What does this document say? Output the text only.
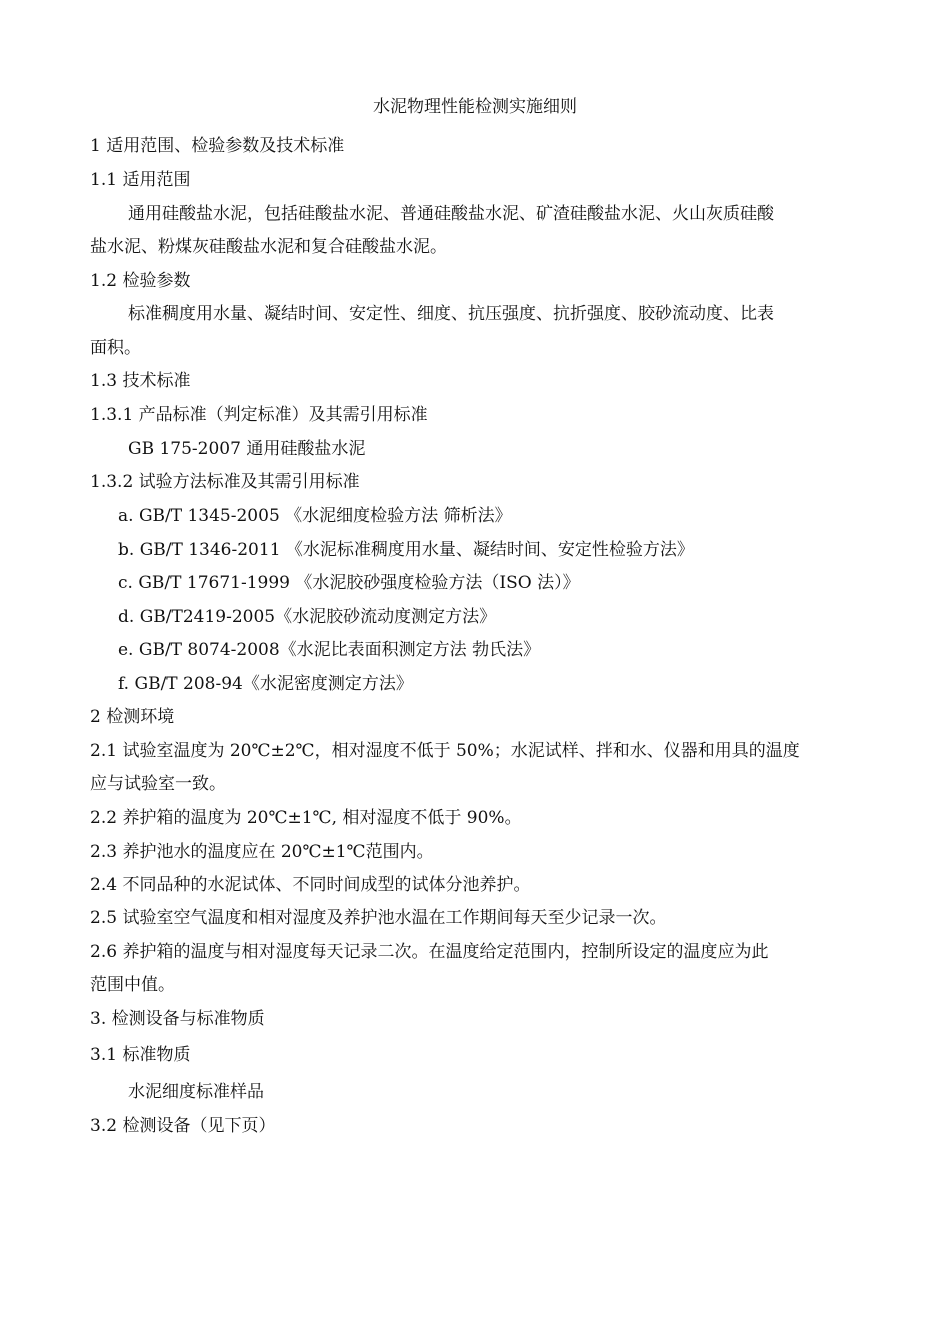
水泥物理性能检测实施细则
1 适用范围、检验参数及技术标准
1.1 适用范围
通用硅酸盐水泥，包括硅酸盐水泥、普通硅酸盐水泥、矿渣硅酸盐水泥、火山灰质硅酸
盐水泥、粉煤灰硅酸盐水泥和复合硅酸盐水泥。
1.2 检验参数
标准稠度用水量、凝结时间、安定性、细度、抗压强度、抗折强度、胶砂流动度、比表
面积。
1.3 技术标准
1.3.1 产品标准（判定标准）及其需引用标准
GB 175-2007 通用硅酸盐水泥
1.3.2 试验方法标准及其需引用标准
a. GB/T 1345-2005 《水泥细度检验方法 筛析法》
b. GB/T 1346-2011 《水泥标准稠度用水量、凝结时间、安定性检验方法》
c. GB/T 17671-1999 《水泥胶砂强度检验方法（ISO 法）》
d. GB/T2419-2005《水泥胶砂流动度测定方法》
e. GB/T 8074-2008《水泥比表面积测定方法 勃氏法》
f. GB/T 208-94《水泥密度测定方法》
2 检测环境
2.1 试验室温度为 20℃±2℃，相对湿度不低于 50%；水泥试样、拌和水、仪器和用具的温度
应与试验室一致。
2.2 养护箱的温度为 20℃±1℃, 相对湿度不低于 90%。
2.3 养护池水的温度应在 20℃±1℃范围内。
2.4 不同品种的水泥试体、不同时间成型的试体分池养护。
2.5 试验室空气温度和相对湿度及养护池水温在工作期间每天至少记录一次。
2.6 养护箱的温度与相对湿度每天记录二次。在温度给定范围内，控制所设定的温度应为此
范围中值。
3. 检测设备与标准物质
3.1 标准物质
水泥细度标准样品
3.2 检测设备（见下页）
